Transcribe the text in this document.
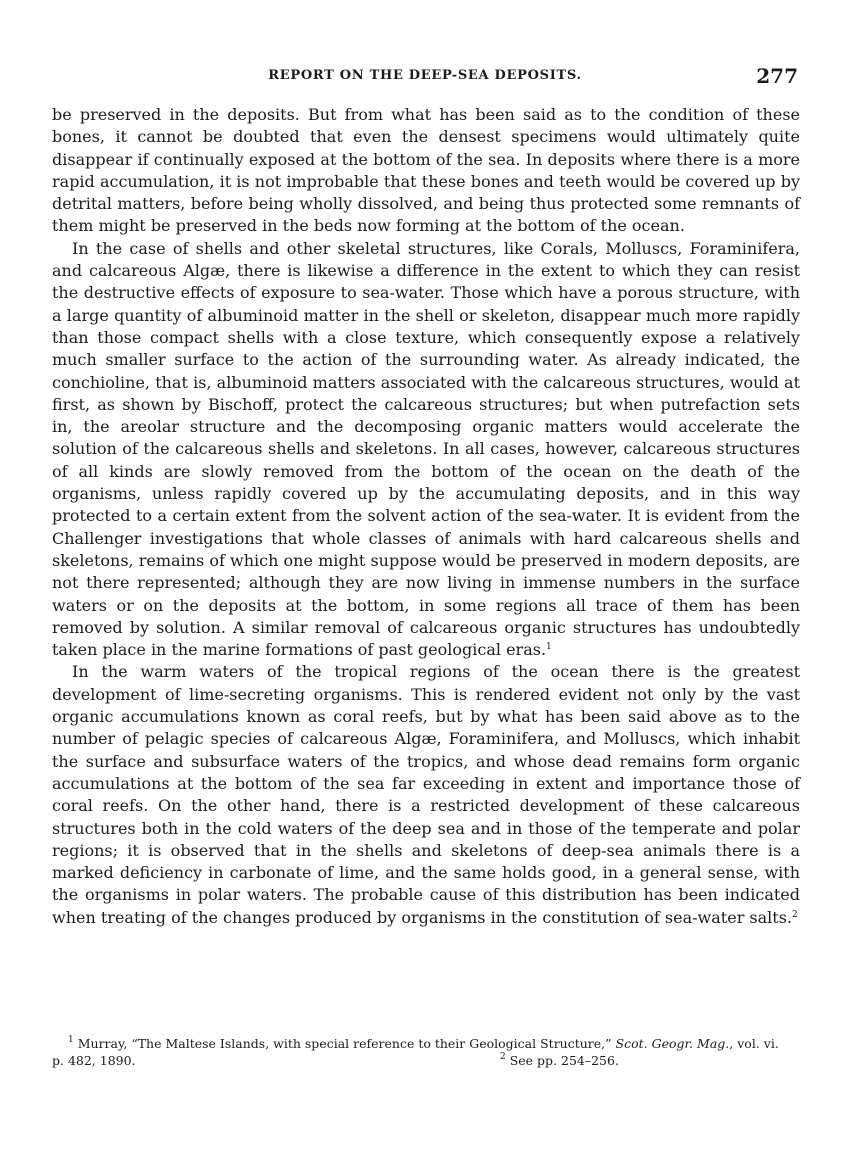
REPORT ON THE DEEP-SEA DEPOSITS.	277

be preserved in the deposits. But from what has been said as to the condition of these bones, it cannot be doubted that even the densest specimens would ultimately quite disappear if continually exposed at the bottom of the sea. In deposits where there is a more rapid accumulation, it is not improbable that these bones and teeth would be covered up by detrital matters, before being wholly dissolved, and being thus protected some remnants of them might be preserved in the beds now forming at the bottom of the ocean.

In the case of shells and other skeletal structures, like Corals, Molluscs, Foraminifera, and calcareous Algæ, there is likewise a difference in the extent to which they can resist the destructive effects of exposure to sea-water. Those which have a porous structure, with a large quantity of albuminoid matter in the shell or skeleton, disappear much more rapidly than those compact shells with a close texture, which consequently expose a relatively much smaller surface to the action of the surrounding water. As already indicated, the conchioline, that is, albuminoid matters associated with the calcareous structures, would at first, as shown by Bischoff, protect the calcareous structures; but when putrefaction sets in, the areolar structure and the decomposing organic matters would accelerate the solution of the calcareous shells and skeletons. In all cases, however, calcareous structures of all kinds are slowly removed from the bottom of the ocean on the death of the organisms, unless rapidly covered up by the accumulating deposits, and in this way protected to a certain extent from the solvent action of the sea-water. It is evident from the Challenger investigations that whole classes of animals with hard calcareous shells and skeletons, remains of which one might suppose would be preserved in modern deposits, are not there represented; although they are now living in immense numbers in the surface waters or on the deposits at the bottom, in some regions all trace of them has been removed by solution. A similar removal of calcareous organic structures has undoubtedly taken place in the marine formations of past geological eras.$^1$

In the warm waters of the tropical regions of the ocean there is the greatest development of lime-secreting organisms. This is rendered evident not only by the vast organic accumulations known as coral reefs, but by what has been said above as to the number of pelagic species of calcareous Algæ, Foraminifera, and Molluscs, which inhabit the surface and subsurface waters of the tropics, and whose dead remains form organic accumulations at the bottom of the sea far exceeding in extent and importance those of coral reefs. On the other hand, there is a restricted development of these calcareous structures both in the cold waters of the deep sea and in those of the temperate and polar regions; it is observed that in the shells and skeletons of deep-sea animals there is a marked deficiency in carbonate of lime, and the same holds good, in a general sense, with the organisms in polar waters. The probable cause of this distribution has been indicated when treating of the changes produced by organisms in the constitution of sea-water salts.$^2$

$^1$ Murray, “The Maltese Islands, with special reference to their Geological Structure,” Scot. Geogr. Mag., vol. vi.
p. 482, 1890.	$^2$ See pp. 254–256.
